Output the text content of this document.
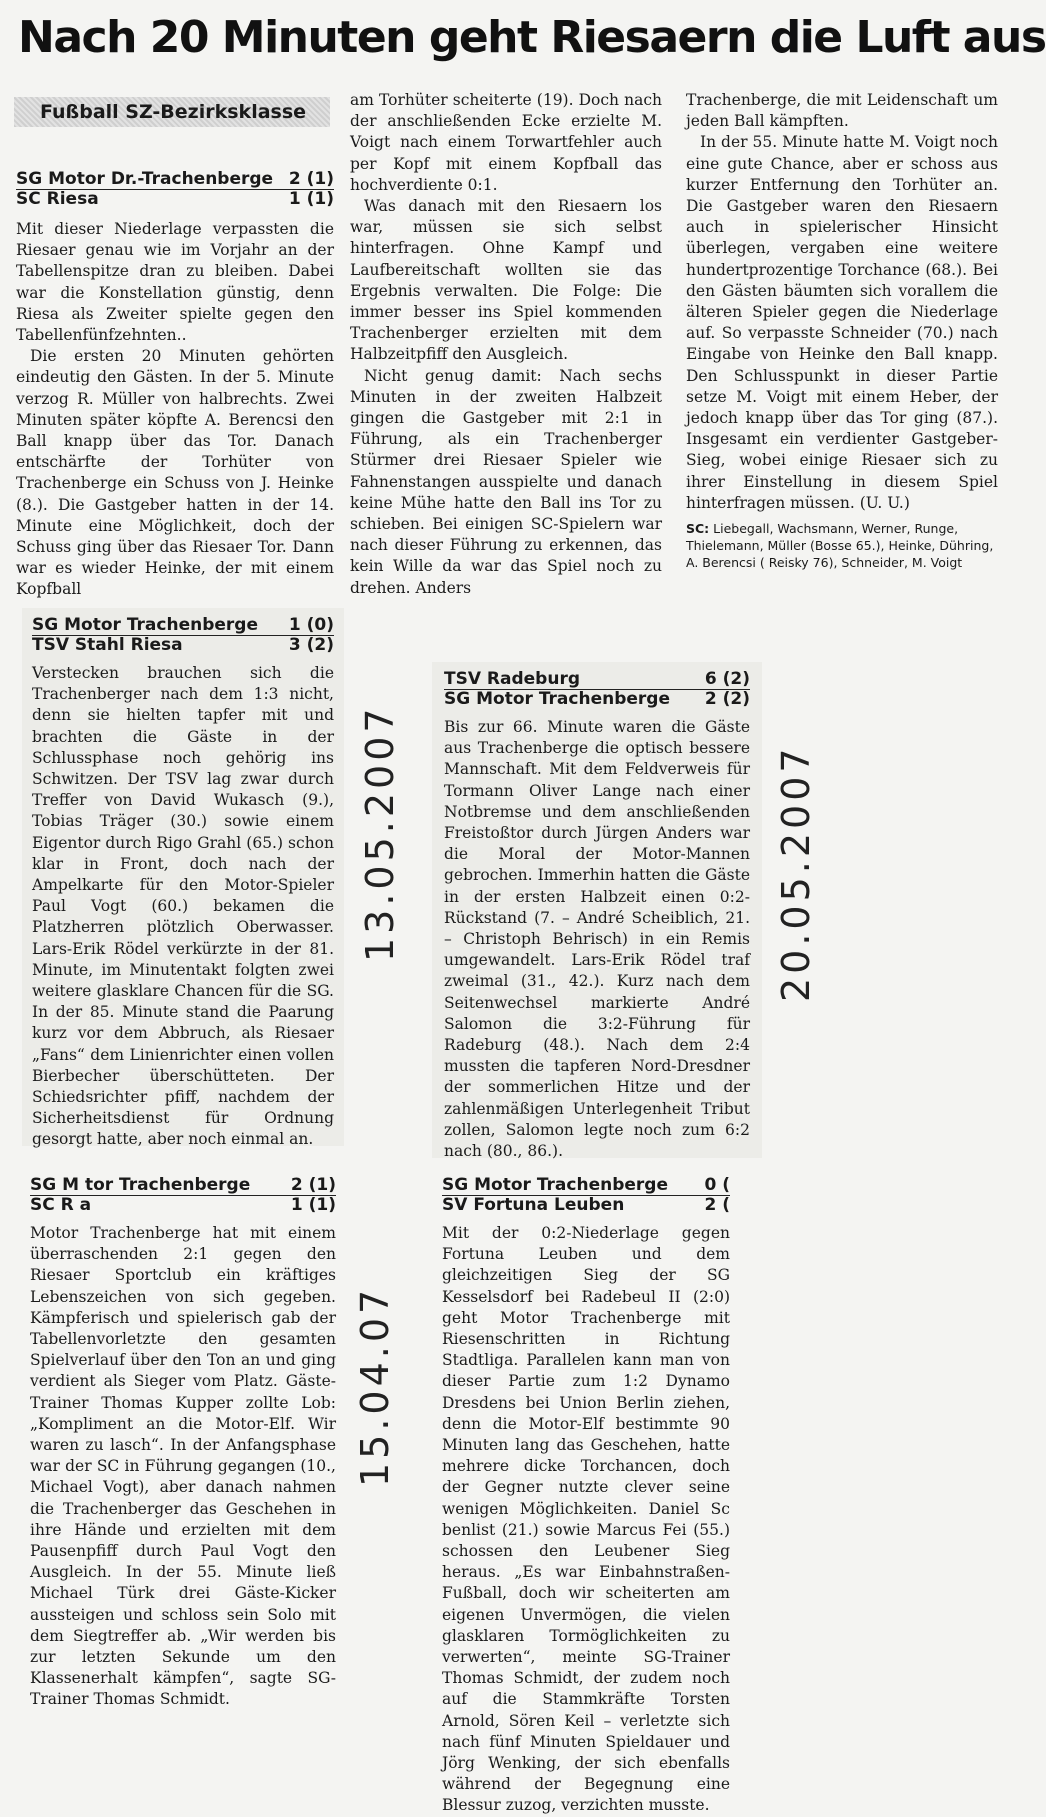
Nach 20 Minuten geht Riesaern die Luft aus
Fußball SZ-Bezirksklasse
SG Motor Dr.-Trachenberge 2 (1)
SC Riesa	1 (1)

Mit dieser Niederlage verpassten die Riesaer genau wie im Vorjahr an der Tabellenspitze dran zu bleiben. Dabei war die Konstellation günstig, denn Riesa als Zweiter spielte gegen den Tabellenfünfzehnten..

Die ersten 20 Minuten gehörten eindeutig den Gästen. In der 5. Minute verzog R. Müller von halbrechts. Zwei Minuten später köpfte A. Berencsi den Ball knapp über das Tor. Danach entschärfte der Torhüter von Trachenberge ein Schuss von J. Heinke (8.). Die Gastgeber hatten in der 14. Minute eine Möglichkeit, doch der Schuss ging über das Riesaer Tor. Dann war es wieder Heinke, der mit einem Kopfball

am Torhüter scheiterte (19). Doch nach der anschließenden Ecke erzielte M. Voigt nach einem Torwartfehler auch per Kopf mit einem Kopfball das hochverdiente 0:1.

Was danach mit den Riesaern los war, müssen sie sich selbst hinterfragen. Ohne Kampf und Laufbereitschaft wollten sie das Ergebnis verwalten. Die Folge: Die immer besser ins Spiel kommenden Trachenberger erzielten mit dem Halbzeitpfiff den Ausgleich.

Nicht genug damit: Nach sechs Minuten in der zweiten Halbzeit gingen die Gastgeber mit 2:1 in Führung, als ein Trachenberger Stürmer drei Riesaer Spieler wie Fahnenstangen ausspielte und danach keine Mühe hatte den Ball ins Tor zu schieben. Bei einigen SC-Spielern war nach dieser Führung zu erkennen, das kein Wille da war das Spiel noch zu drehen. Anders

Trachenberge, die mit Leidenschaft um jeden Ball kämpften.

In der 55. Minute hatte M. Voigt noch eine gute Chance, aber er schoss aus kurzer Entfernung den Torhüter an. Die Gastgeber waren den Riesaern auch in spielerischer Hinsicht überlegen, vergaben eine weitere hundertprozentige Torchance (68.). Bei den Gästen bäumten sich vorallem die älteren Spieler gegen die Niederlage auf. So verpasste Schneider (70.) nach Eingabe von Heinke den Ball knapp. Den Schlusspunkt in dieser Partie setze M. Voigt mit einem Heber, der jedoch knapp über das Tor ging (87.). Insgesamt ein verdienter Gastgeber-Sieg, wobei einige Riesaer sich zu ihrer Einstellung in diesem Spiel hinterfragen müssen. (U. U.)

SC: Liebegall, Wachsmann, Werner, Runge, Thielemann, Müller (Bosse 65.), Heinke, Dühring, A. Berencsi ( Reisky 76), Schneider, M. Voigt
SG Motor Trachenberge 1 (0)
TSV Stahl Riesa	3 (2)

Verstecken brauchen sich die Trachenberger nach dem 1:3 nicht, denn sie hielten tapfer mit und brachten die Gäste in der Schlussphase noch gehörig ins Schwitzen. Der TSV lag zwar durch Treffer von David Wukasch (9.), Tobias Träger (30.) sowie einem Eigentor durch Rigo Grahl (65.) schon klar in Front, doch nach der Ampelkarte für den Motor-Spieler Paul Vogt (60.) bekamen die Platzherren plötzlich Oberwasser. Lars-Erik Rödel verkürzte in der 81. Minute, im Minutentakt folgten zwei weitere glasklare Chancen für die SG. In der 85. Minute stand die Paarung kurz vor dem Abbruch, als Riesaer „Fans“ dem Linienrichter einen vollen Bierbecher überschütteten. Der Schiedsrichter pfiff, nachdem der Sicherheitsdienst für Ordnung gesorgt hatte, aber noch einmal an.

13.05.2007
TSV Radeburg	6 (2)
SG Motor Trachenberge 2 (2)

Bis zur 66. Minute waren die Gäste aus Trachenberge die optisch bessere Mannschaft. Mit dem Feldverweis für Tormann Oliver Lange nach einer Notbremse und dem anschließenden Freistoßtor durch Jürgen Anders war die Moral der Motor-Mannen gebrochen. Immerhin hatten die Gäste in der ersten Halbzeit einen 0:2-Rückstand (7. – André Scheiblich, 21. – Christoph Behrisch) in ein Remis umgewandelt. Lars-Erik Rödel traf zweimal (31., 42.). Kurz nach dem Seitenwechsel markierte André Salomon die 3:2-Führung für Radeburg (48.). Nach dem 2:4 mussten die tapferen Nord-Dresdner der sommerlichen Hitze und der zahlenmäßigen Unterlegenheit Tribut zollen, Salomon legte noch zum 6:2 nach (80., 86.).

20.05.2007
SG M tor Trachenberge 2 (1)
SC R a	1 (1)

Motor Trachenberge hat mit einem überraschenden 2:1 gegen den Riesaer Sportclub ein kräftiges Lebenszeichen von sich gegeben. Kämpferisch und spielerisch gab der Tabellenvorletzte den gesamten Spielverlauf über den Ton an und ging verdient als Sieger vom Platz. Gäste-Trainer Thomas Kupper zollte Lob: „Kompliment an die Motor-Elf. Wir waren zu lasch“. In der Anfangsphase war der SC in Führung gegangen (10., Michael Vogt), aber danach nahmen die Trachenberger das Geschehen in ihre Hände und erzielten mit dem Pausenpfiff durch Paul Vogt den Ausgleich. In der 55. Minute ließ Michael Türk drei Gäste-Kicker aussteigen und schloss sein Solo mit dem Siegtreffer ab. „Wir werden bis zur letzten Sekunde um den Klassenerhalt kämpfen“, sagte SG-Trainer Thomas Schmidt.

15.04.07
SG Motor Trachenberge 0 (
SV Fortuna Leuben	2 (

Mit der 0:2-Niederlage gegen Fortuna Leuben und dem gleichzeitigen Sieg der SG Kesselsdorf bei Radebeul II (2:0) geht Motor Trachenberge mit Riesenschritten in Richtung Stadtliga. Parallelen kann man von dieser Partie zum 1:2 Dynamo Dresdens bei Union Berlin ziehen, denn die Motor-Elf bestimmte 90 Minuten lang das Geschehen, hatte mehrere dicke Torchancen, doch der Gegner nutzte clever seine wenigen Möglichkeiten. Daniel Sc benlist (21.) sowie Marcus Fei (55.) schossen den Leubener Sieg heraus. „Es war Einbahnstraßen-Fußball, doch wir scheiterten am eigenen Unvermögen, die vielen glasklaren Tormöglichkeiten zu verwerten“, meinte SG-Trainer Thomas Schmidt, der zudem noch auf die Stammkräfte Torsten Arnold, Sören Keil – verletzte sich nach fünf Minuten Spieldauer und Jörg Wenking, der sich ebenfalls während der Begegnung eine Blessur zuzog, verzichten musste.
